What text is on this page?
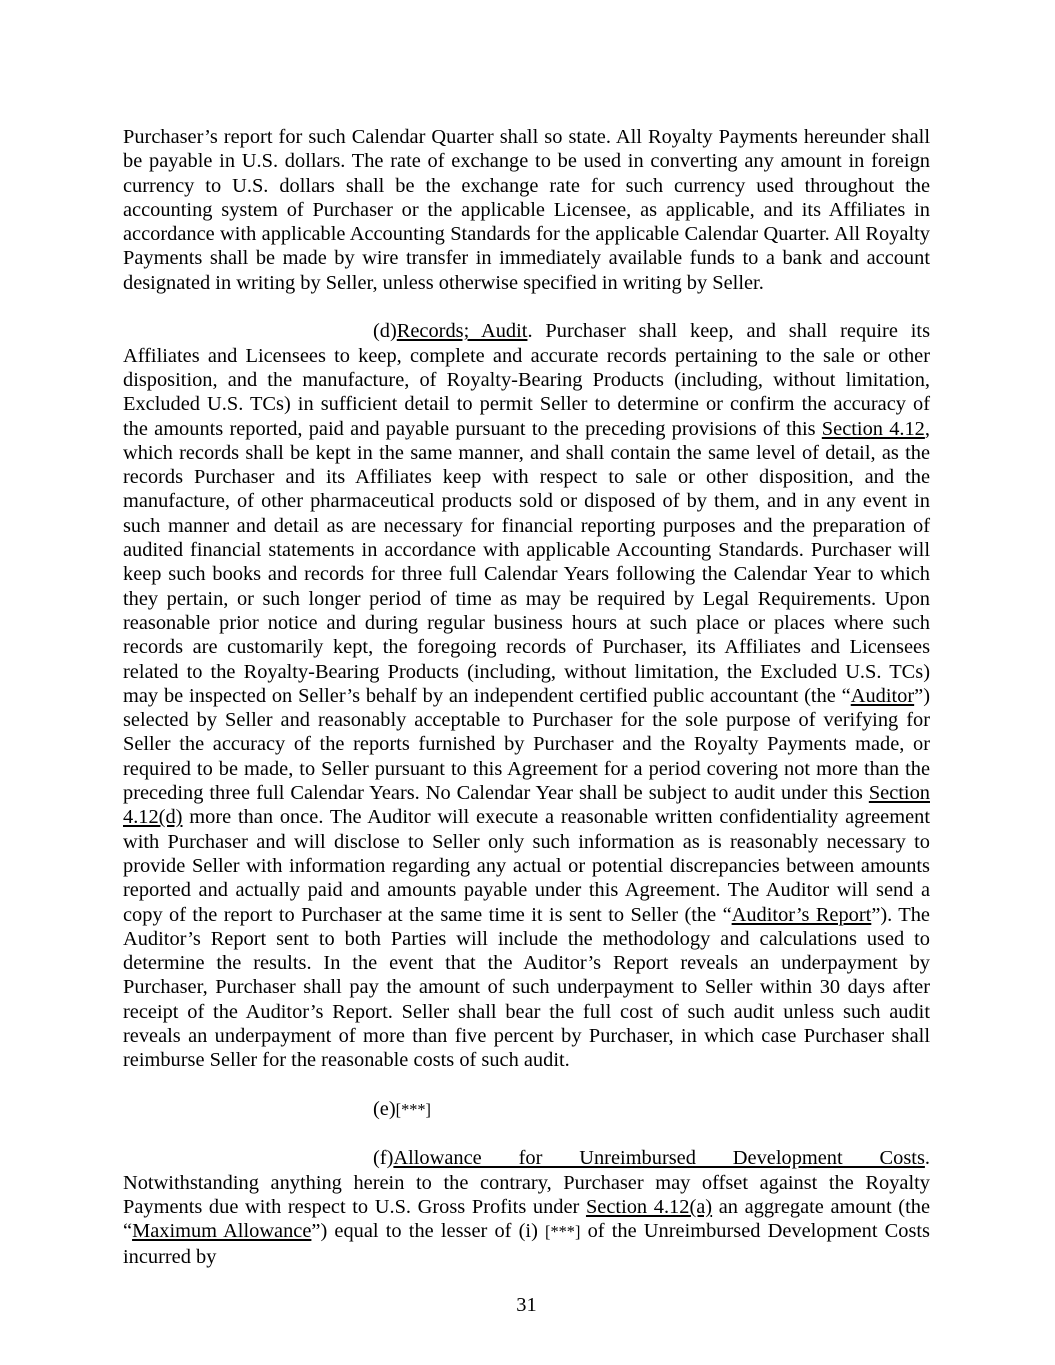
Purchaser’s report for such Calendar Quarter shall so state. All Royalty Payments hereunder shall be payable in U.S. dollars. The rate of exchange to be used in converting any amount in foreign currency to U.S. dollars shall be the exchange rate for such currency used throughout the accounting system of Purchaser or the applicable Licensee, as applicable, and its Affiliates in accordance with applicable Accounting Standards for the applicable Calendar Quarter. All Royalty Payments shall be made by wire transfer in immediately available funds to a bank and account designated in writing by Seller, unless otherwise specified in writing by Seller.

(d)Records; Audit. Purchaser shall keep, and shall require its Affiliates and Licensees to keep, complete and accurate records pertaining to the sale or other disposition, and the manufacture, of Royalty-Bearing Products (including, without limitation, Excluded U.S. TCs) in sufficient detail to permit Seller to determine or confirm the accuracy of the amounts reported, paid and payable pursuant to the preceding provisions of this Section 4.12, which records shall be kept in the same manner, and shall contain the same level of detail, as the records Purchaser and its Affiliates keep with respect to sale or other disposition, and the manufacture, of other pharmaceutical products sold or disposed of by them, and in any event in such manner and detail as are necessary for financial reporting purposes and the preparation of audited financial statements in accordance with applicable Accounting Standards. Purchaser will keep such books and records for three full Calendar Years following the Calendar Year to which they pertain, or such longer period of time as may be required by Legal Requirements. Upon reasonable prior notice and during regular business hours at such place or places where such records are customarily kept, the foregoing records of Purchaser, its Affiliates and Licensees related to the Royalty-Bearing Products (including, without limitation, the Excluded U.S. TCs) may be inspected on Seller’s behalf by an independent certified public accountant (the “Auditor”) selected by Seller and reasonably acceptable to Purchaser for the sole purpose of verifying for Seller the accuracy of the reports furnished by Purchaser and the Royalty Payments made, or required to be made, to Seller pursuant to this Agreement for a period covering not more than the preceding three full Calendar Years. No Calendar Year shall be subject to audit under this Section 4.12(d) more than once. The Auditor will execute a reasonable written confidentiality agreement with Purchaser and will disclose to Seller only such information as is reasonably necessary to provide Seller with information regarding any actual or potential discrepancies between amounts reported and actually paid and amounts payable under this Agreement. The Auditor will send a copy of the report to Purchaser at the same time it is sent to Seller (the “Auditor’s Report”). The Auditor’s Report sent to both Parties will include the methodology and calculations used to determine the results. In the event that the Auditor’s Report reveals an underpayment by Purchaser, Purchaser shall pay the amount of such underpayment to Seller within 30 days after receipt of the Auditor’s Report. Seller shall bear the full cost of such audit unless such audit reveals an underpayment of more than five percent by Purchaser, in which case Purchaser shall reimburse Seller for the reasonable costs of such audit.

(e)[***]

(f)Allowance for Unreimbursed Development Costs. Notwithstanding anything herein to the contrary, Purchaser may offset against the Royalty Payments due with respect to U.S. Gross Profits under Section 4.12(a) an aggregate amount (the “Maximum Allowance”) equal to the lesser of (i) [***] of the Unreimbursed Development Costs incurred by

31
